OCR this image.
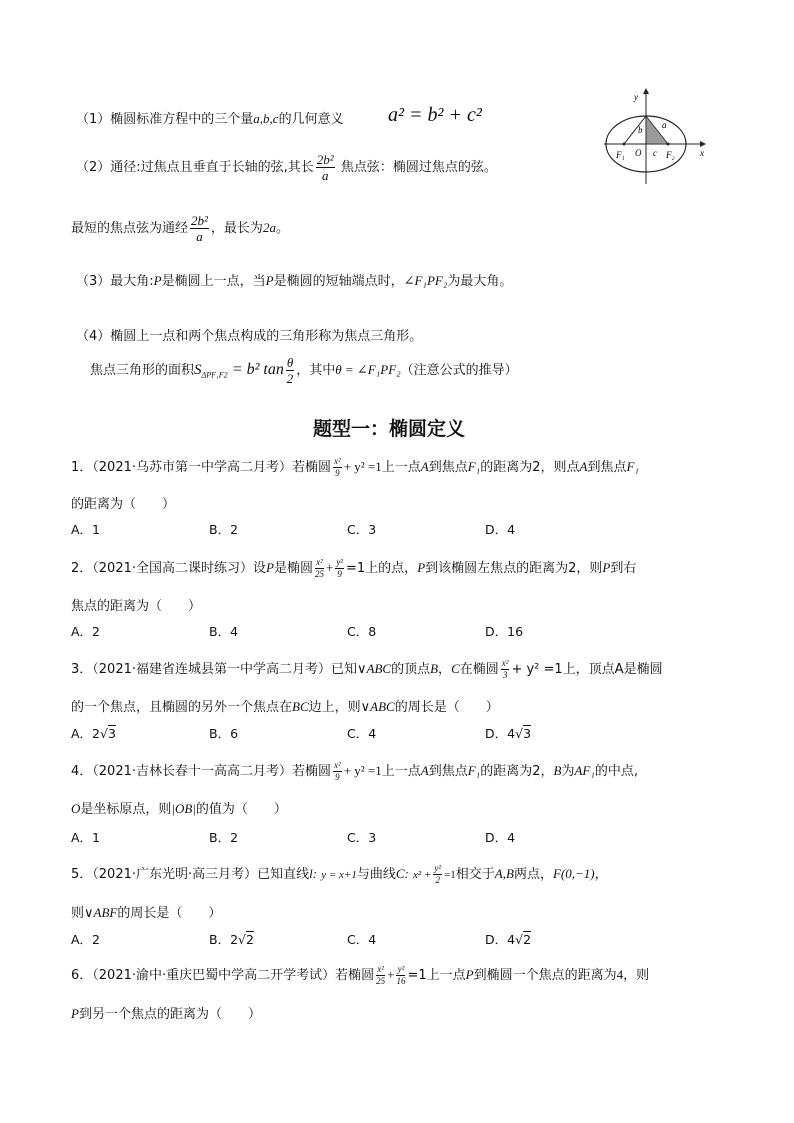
（1）椭圆标准方程中的三个量a,b,c的几何意义 a² = b² + c²
（2）通径:过焦点且垂直于长轴的弦,其长 $\frac{\text{2b²}}{a}$ 焦点弦：椭圆过焦点的弦。
最短的焦点弦为通经 $\frac{\text{2b²}}{a}$ ，最长为2a。
（3）最大角:P是椭圆上一点，当P是椭圆的短轴端点时，∠F₁PF₂为最大角。
（4）椭圆上一点和两个焦点构成的三角形称为焦点三角形。
焦点三角形的面积$S_{\Delta PF_1F2} = b^2$ $\tan \frac{\theta}{2}$ ，其中θ = ∠F₁PF₂（注意公式的推导）
y
x
b a
O c
F₁	F₂
题型一：椭圆定义
1．（2021·乌苏市第一中学高二月考）若椭圆 $\frac{\text{x²}}{9} + y^2 =1$上一点A到焦点F₁的距离为2，则点A到焦点F₁
的距离为（　　）
A．1	B．2	C．3	D．4
2．（2021·全国高二课时练习）设P是椭圆 $\frac{\text{x²}}{25} + \frac{\text{y²}}{9} =1$上的点，P到该椭圆左焦点的距离为2，则P到右
焦点的距离为（　　）
A．2	B．4	C．8	D．16
3．（2021·福建省连城县第一中学高二月考）已知∨ABC的顶点B，C在椭圆 $\frac{\text{x²}}{3} + y^2 =1$上，顶点A是椭圆
的一个焦点，且椭圆的另外一个焦点在BC边上，则∨ABC的周长是（　　）
A．2√3	B．6	C．4	D．4√3
4．（2021·吉林长春十一高高二月考）若椭圆 $\frac{\text{x²}}{9} + y^2 =1$上一点A到焦点F₁的距离为2，B为AF₁的中点,
O是坐标原点，则|OB|的值为（　　）
A．1	B．2	C．3	D．4
5．（2021·广东光明·高三月考）已知直线l: y = x+1与曲线C: $x^2 + \frac{\text{y²}}{2} =1$相交于A,B两点，F(0,−1)，
则∨ABF的周长是（　　）
A．2	B．2√2	C．4	D．4√2
6．（2021·渝中·重庆巴蜀中学高二开学考试）若椭圆 $\frac{\text{x²}}{25} + \frac{\text{y²}}{16} =1$上一点P到椭圆一个焦点的距离为4，则
P到另一个焦点的距离为（　　）
